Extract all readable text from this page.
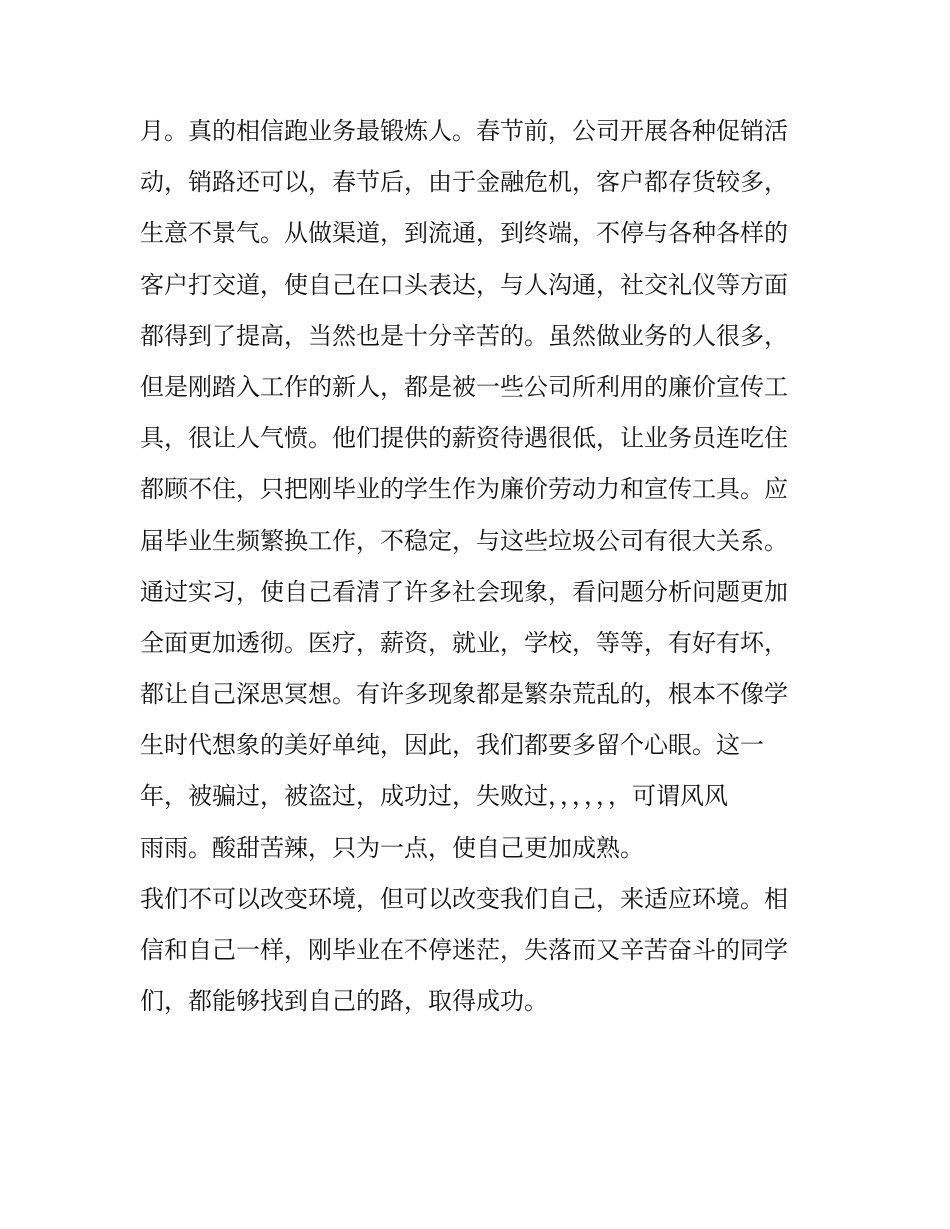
月。真的相信跑业务最锻炼人。春节前，公司开展各种促销活
动，销路还可以，春节后，由于金融危机，客户都存货较多，
生意不景气。从做渠道，到流通，到终端，不停与各种各样的
客户打交道，使自己在口头表达，与人沟通，社交礼仪等方面
都得到了提高，当然也是十分辛苦的。虽然做业务的人很多，
但是刚踏入工作的新人，都是被一些公司所利用的廉价宣传工
具，很让人气愤。他们提供的薪资待遇很低，让业务员连吃住
都顾不住，只把刚毕业的学生作为廉价劳动力和宣传工具。应
届毕业生频繁换工作，不稳定，与这些垃圾公司有很大关系。
通过实习，使自己看清了许多社会现象，看问题分析问题更加
全面更加透彻。医疗，薪资，就业，学校，等等，有好有坏，
都让自己深思冥想。有许多现象都是繁杂荒乱的，根本不像学
生时代想象的美好单纯，因此，我们都要多留个心眼。这一
年，被骗过，被盗过，成功过，失败过，，，，，，可谓风风
雨雨。酸甜苦辣，只为一点，使自己更加成熟。
我们不可以改变环境，但可以改变我们自己，来适应环境。相
信和自己一样，刚毕业在不停迷茫，失落而又辛苦奋斗的同学
们，都能够找到自己的路，取得成功。
